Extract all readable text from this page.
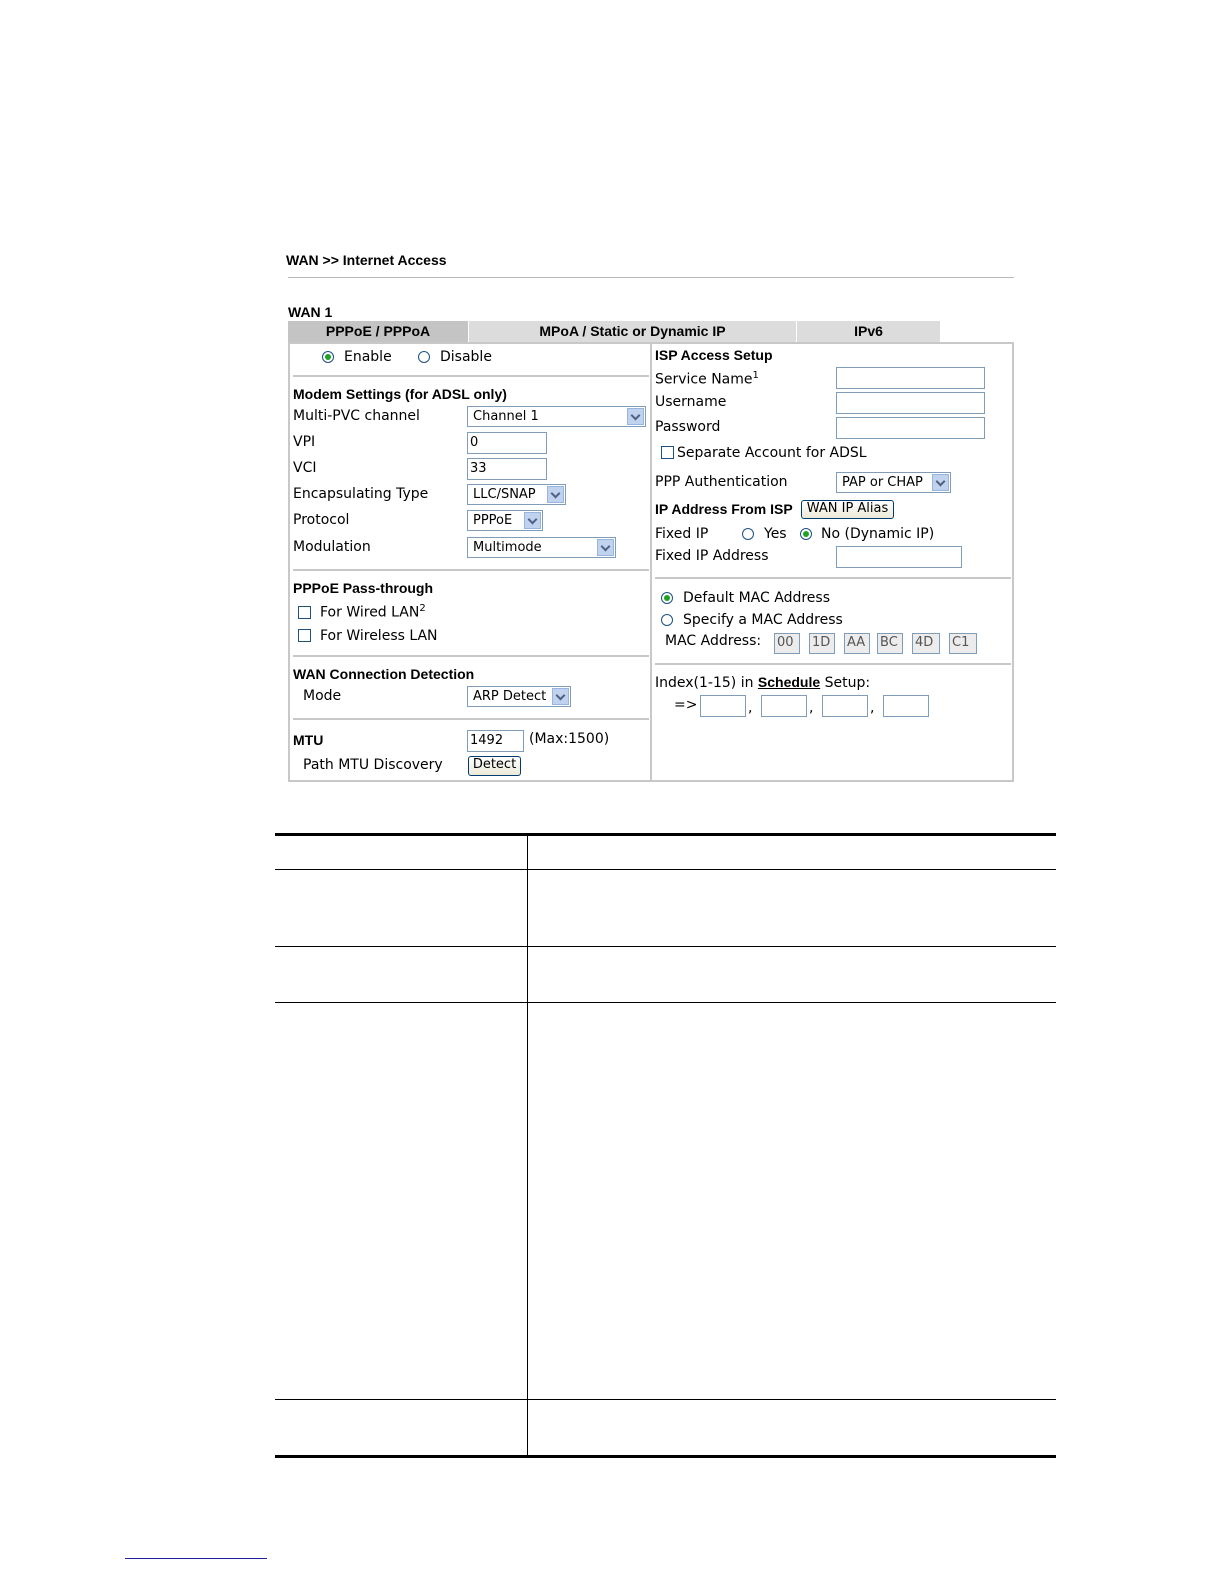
WAN >> Internet Access
WAN 1
PPPoE / PPPoA	MPoA / Static or Dynamic IP	IPv6
Enable	Disable
Modem Settings (for ADSL only)
Multi-PVC channel	Channel 1
VPI	0
VCI	33
Encapsulating Type	LLC/SNAP
Protocol	PPPoE
Modulation	Multimode
PPPoE Pass-through
For Wired LAN$^2$
For Wireless LAN
WAN Connection Detection
Mode	ARP Detect
MTU	1492	(Max:1500)
Path MTU Discovery	Detect
ISP Access Setup
Service Name$^1$
Username
Password
Separate Account for ADSL
PPP Authentication	PAP or CHAP
IP Address From ISP	WAN IP Alias
Fixed IP	Yes No (Dynamic IP)
Fixed IP Address
Default MAC Address
Specify a MAC Address
MAC Address: 00	1D	AA	BC	4D	C1
Index(1-15) in Schedule Setup:
=>	,	,	,
